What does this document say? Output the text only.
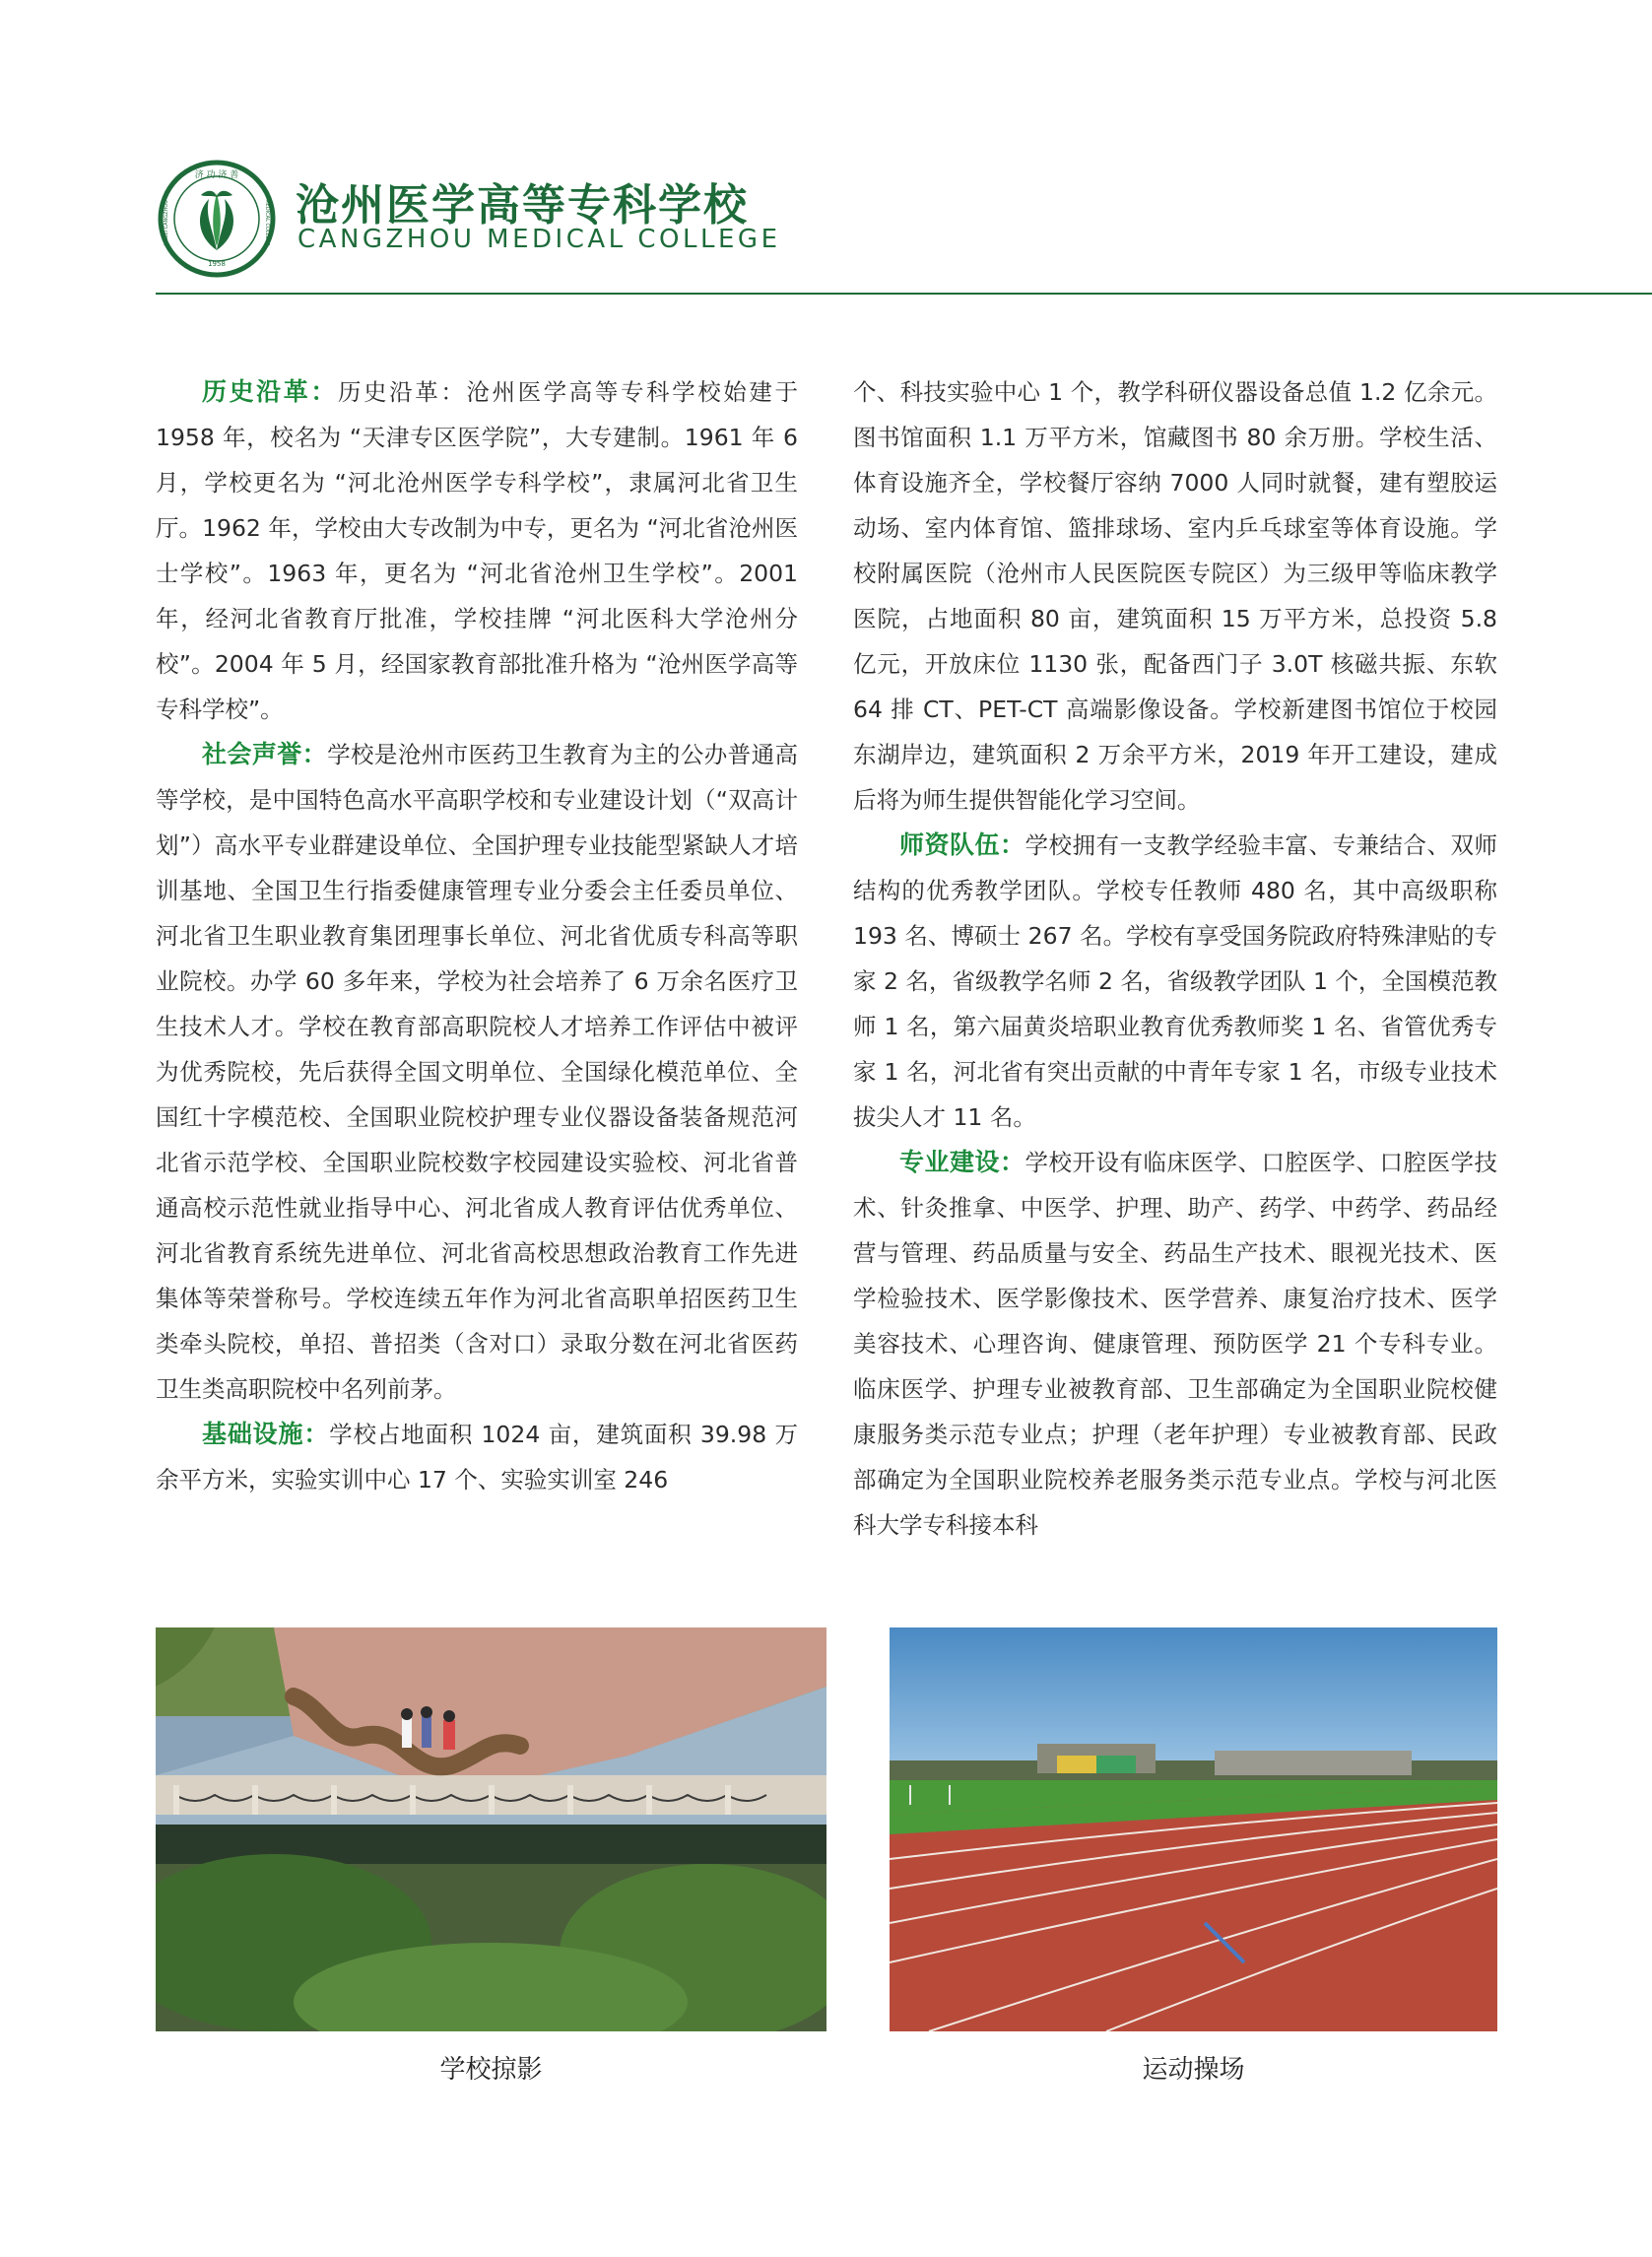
济 功 济 善
HEBEI CANGZHOU	MEDICAL COLLEGE
1958
沧州医学高等专科学校
CANGZHOU MEDICAL COLLEGE

历史沿革：历史沿革：沧州医学高等专科学校始建于 1958 年，校名为 “天津专区医学院”，大专建制。1961 年 6 月，学校更名为 “河北沧州医学专科学校”，隶属河北省卫生厅。1962 年，学校由大专改制为中专，更名为 “河北省沧州医士学校”。1963 年，更名为 “河北省沧州卫生学校”。2001 年，经河北省教育厅批准，学校挂牌 “河北医科大学沧州分校”。2004 年 5 月，经国家教育部批准升格为 “沧州医学高等专科学校”。

社会声誉：学校是沧州市医药卫生教育为主的公办普通高等学校，是中国特色高水平高职学校和专业建设计划（“双高计划”）高水平专业群建设单位、全国护理专业技能型紧缺人才培训基地、全国卫生行指委健康管理专业分委会主任委员单位、河北省卫生职业教育集团理事长单位、河北省优质专科高等职业院校。办学 60 多年来，学校为社会培养了 6 万余名医疗卫生技术人才。学校在教育部高职院校人才培养工作评估中被评为优秀院校，先后获得全国文明单位、全国绿化模范单位、全国红十字模范校、全国职业院校护理专业仪器设备装备规范河北省示范学校、全国职业院校数字校园建设实验校、河北省普通高校示范性就业指导中心、河北省成人教育评估优秀单位、河北省教育系统先进单位、河北省高校思想政治教育工作先进集体等荣誉称号。学校连续五年作为河北省高职单招医药卫生类牵头院校，单招、普招类（含对口）录取分数在河北省医药卫生类高职院校中名列前茅。

基础设施：学校占地面积 1024 亩，建筑面积 39.98 万余平方米，实验实训中心 17 个、实验实训室 246

个、科技实验中心 1 个，教学科研仪器设备总值 1.2 亿余元。图书馆面积 1.1 万平方米，馆藏图书 80 余万册。学校生活、体育设施齐全，学校餐厅容纳 7000 人同时就餐，建有塑胶运动场、室内体育馆、篮排球场、室内乒乓球室等体育设施。学校附属医院（沧州市人民医院医专院区）为三级甲等临床教学医院，占地面积 80 亩，建筑面积 15 万平方米，总投资 5.8 亿元，开放床位 1130 张，配备西门子 3.0T 核磁共振、东软 64 排 CT、PET-CT 高端影像设备。学校新建图书馆位于校园东湖岸边，建筑面积 2 万余平方米，2019 年开工建设，建成后将为师生提供智能化学习空间。

师资队伍：学校拥有一支教学经验丰富、专兼结合、双师结构的优秀教学团队。学校专任教师 480 名，其中高级职称 193 名、博硕士 267 名。学校有享受国务院政府特殊津贴的专家 2 名，省级教学名师 2 名，省级教学团队 1 个，全国模范教师 1 名，第六届黄炎培职业教育优秀教师奖 1 名、省管优秀专家 1 名，河北省有突出贡献的中青年专家 1 名，市级专业技术拔尖人才 11 名。

专业建设：学校开设有临床医学、口腔医学、口腔医学技术、针灸推拿、中医学、护理、助产、药学、中药学、药品经营与管理、药品质量与安全、药品生产技术、眼视光技术、医学检验技术、医学影像技术、医学营养、康复治疗技术、医学美容技术、心理咨询、健康管理、预防医学 21 个专科专业。临床医学、护理专业被教育部、卫生部确定为全国职业院校健康服务类示范专业点；护理（老年护理）专业被教育部、民政部确定为全国职业院校养老服务类示范专业点。学校与河北医科大学专科接本科

学校掠影	运动操场
